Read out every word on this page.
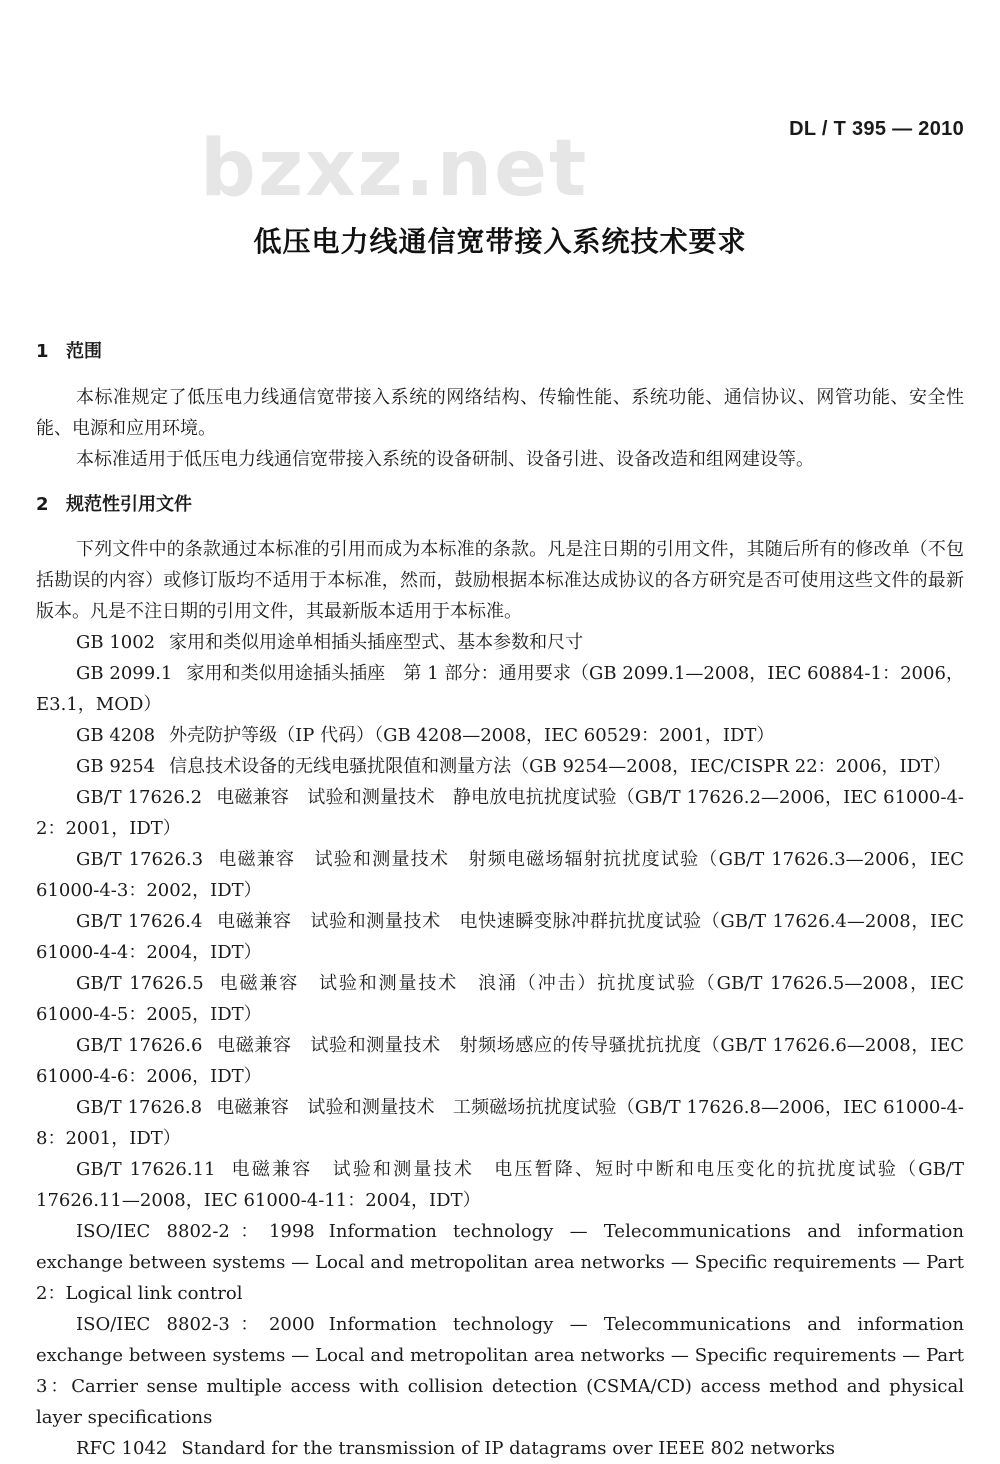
bzxz.net	DL / T 395 — 2010
低压电力线通信宽带接入系统技术要求
1 范围

本标准规定了低压电力线通信宽带接入系统的网络结构、传输性能、系统功能、通信协议、网管功能、安全性能、电源和应用环境。

本标准适用于低压电力线通信宽带接入系统的设备研制、设备引进、设备改造和组网建设等。

2 规范性引用文件

下列文件中的条款通过本标准的引用而成为本标准的条款。凡是注日期的引用文件，其随后所有的修改单（不包括勘误的内容）或修订版均不适用于本标准，然而，鼓励根据本标准达成协议的各方研究是否可使用这些文件的最新版本。凡是不注日期的引用文件，其最新版本适用于本标准。

GB 1002 家用和类似用途单相插头插座型式、基本参数和尺寸

GB 2099.1 家用和类似用途插头插座　第 1 部分：通用要求（GB 2099.1—2008，IEC 60884-1：2006，E3.1，MOD）

GB 4208 外壳防护等级（IP 代码）（GB 4208—2008，IEC 60529：2001，IDT）

GB 9254 信息技术设备的无线电骚扰限值和测量方法（GB 9254—2008，IEC/CISPR 22：2006，IDT）

GB/T 17626.2 电磁兼容　试验和测量技术　静电放电抗扰度试验（GB/T 17626.2—2006，IEC 61000-4-2：2001，IDT）

GB/T 17626.3 电磁兼容　试验和测量技术　射频电磁场辐射抗扰度试验（GB/T 17626.3—2006，IEC 61000-4-3：2002，IDT）

GB/T 17626.4 电磁兼容　试验和测量技术　电快速瞬变脉冲群抗扰度试验（GB/T 17626.4—2008，IEC 61000-4-4：2004，IDT）

GB/T 17626.5 电磁兼容　试验和测量技术　浪涌（冲击）抗扰度试验（GB/T 17626.5—2008，IEC 61000-4-5：2005，IDT）

GB/T 17626.6 电磁兼容　试验和测量技术　射频场感应的传导骚扰抗扰度（GB/T 17626.6—2008，IEC 61000-4-6：2006，IDT）

GB/T 17626.8 电磁兼容　试验和测量技术　工频磁场抗扰度试验（GB/T 17626.8—2006，IEC 61000-4-8：2001，IDT）

GB/T 17626.11 电磁兼容　试验和测量技术　电压暂降、短时中断和电压变化的抗扰度试验（GB/T 17626.11—2008，IEC 61000-4-11：2004，IDT）

ISO/IEC 8802-2：1998 Information technology — Telecommunications and information exchange between systems — Local and metropolitan area networks — Specific requirements — Part 2：Logical link control

ISO/IEC 8802-3：2000 Information technology — Telecommunications and information exchange between systems — Local and metropolitan area networks — Specific requirements — Part 3：Carrier sense multiple access with collision detection (CSMA/CD) access method and physical layer specifications

RFC 1042 Standard for the transmission of IP datagrams over IEEE 802 networks
